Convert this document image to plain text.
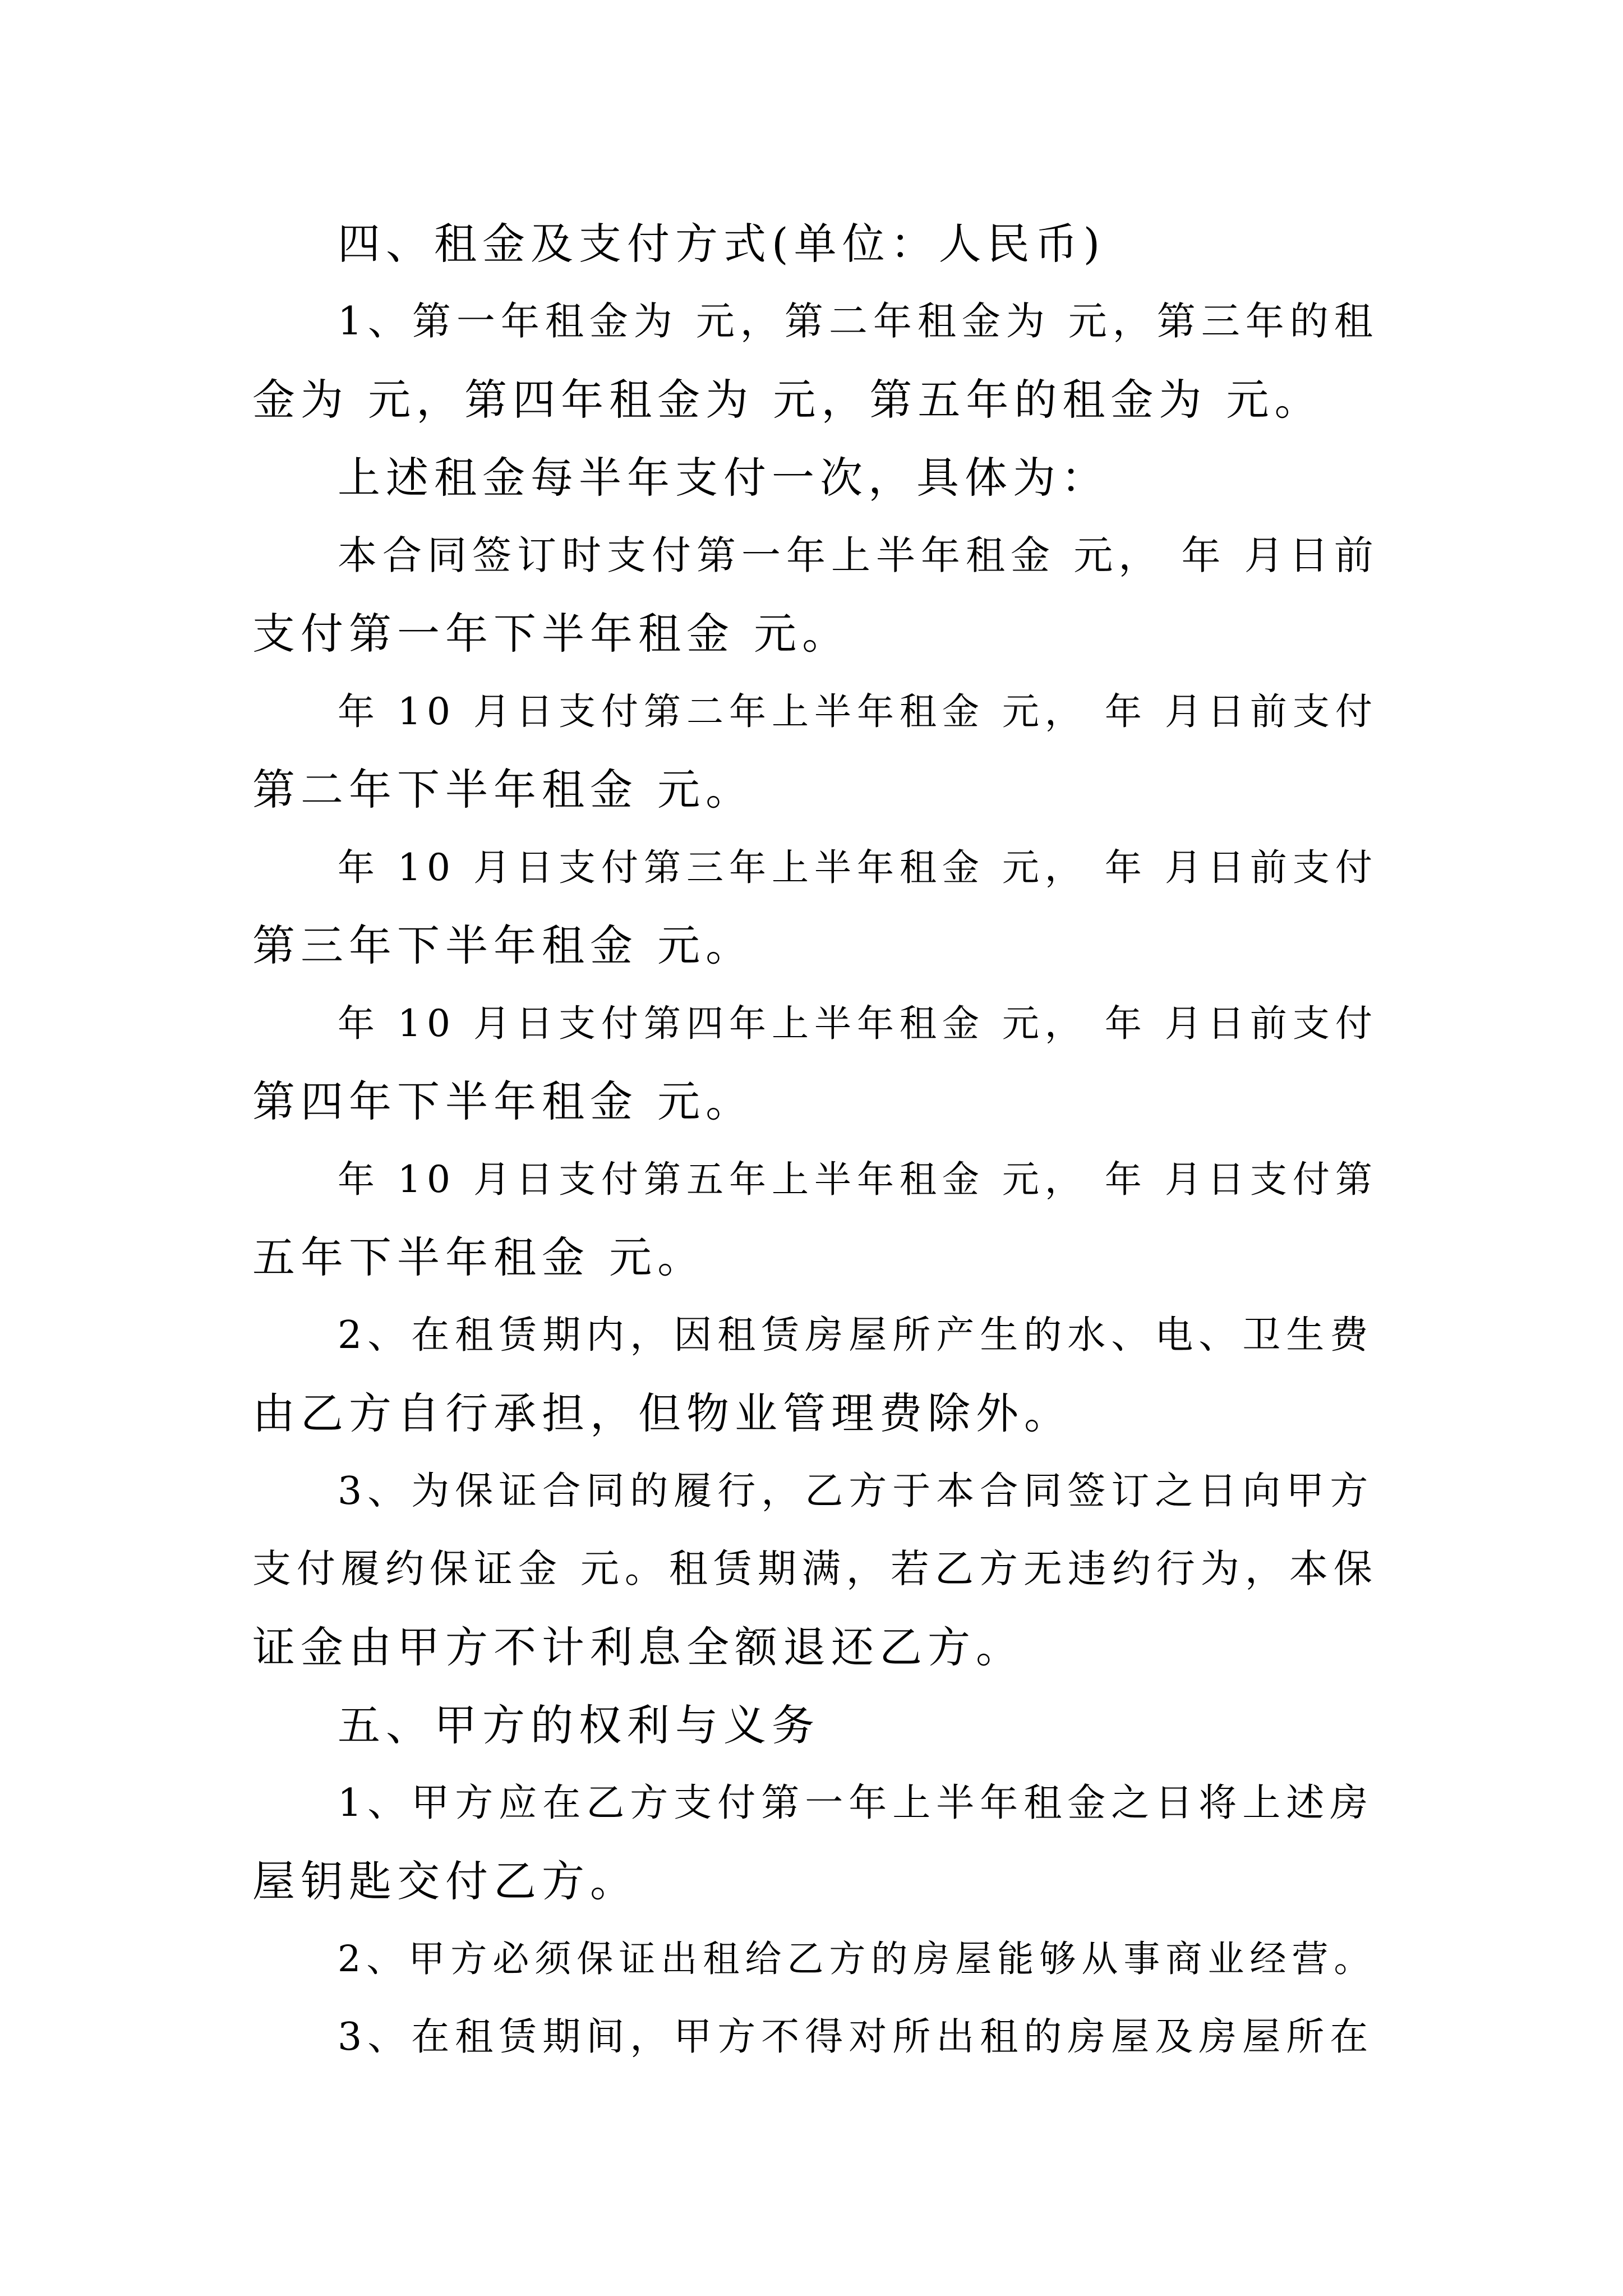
四、租金及支付方式(单位：人民币)
1、第一年租金为 元，第二年租金为 元，第三年的租
金为 元，第四年租金为 元，第五年的租金为 元。
上述租金每半年支付一次，具体为：
本合同签订时支付第一年上半年租金 元， 年 月日前
支付第一年下半年租金 元。
年 10 月日支付第二年上半年租金 元， 年 月日前支付
第二年下半年租金 元。
年 10 月日支付第三年上半年租金 元， 年 月日前支付
第三年下半年租金 元。
年 10 月日支付第四年上半年租金 元， 年 月日前支付
第四年下半年租金 元。
年 10 月日支付第五年上半年租金 元， 年 月日支付第
五年下半年租金 元。
2、在租赁期内，因租赁房屋所产生的水、电、卫生费
由乙方自行承担，但物业管理费除外。
3、为保证合同的履行，乙方于本合同签订之日向甲方
支付履约保证金 元。租赁期满，若乙方无违约行为，本保
证金由甲方不计利息全额退还乙方。
五、甲方的权利与义务
1、甲方应在乙方支付第一年上半年租金之日将上述房
屋钥匙交付乙方。
2、甲方必须保证出租给乙方的房屋能够从事商业经营。
3、在租赁期间，甲方不得对所出租的房屋及房屋所在
